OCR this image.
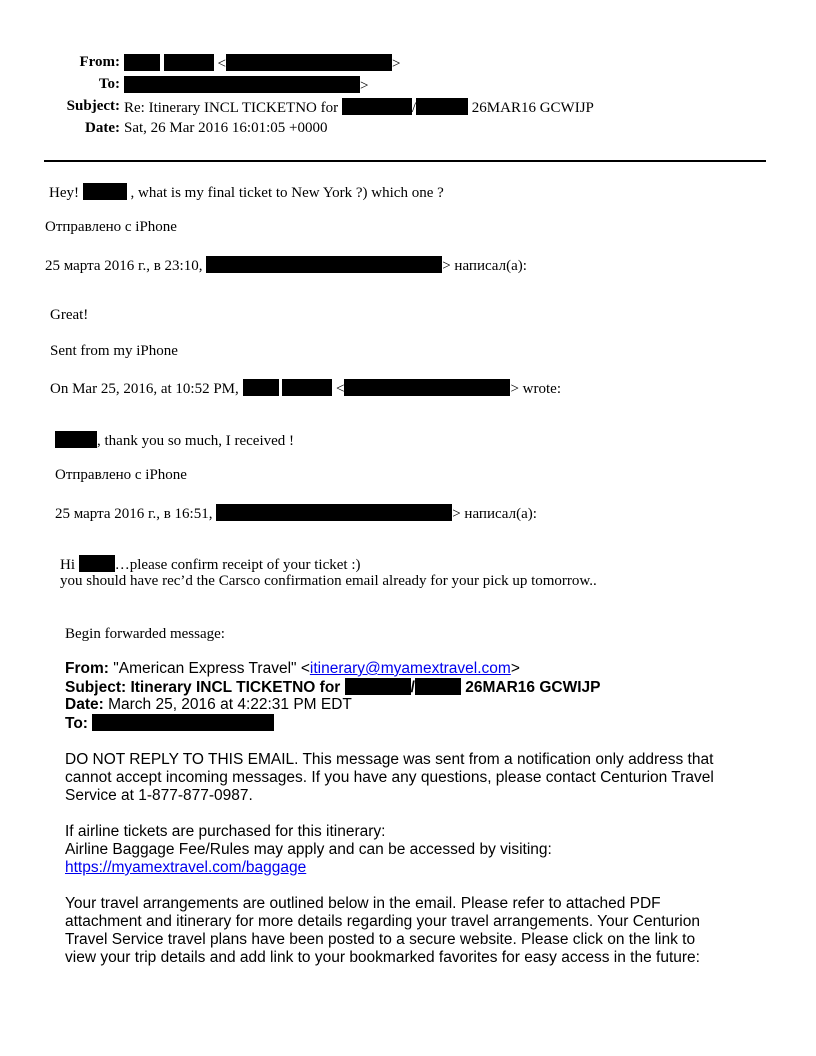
From:	<	>
To:	>
Subject: Re: Itinerary INCL TICKETNO for	/	26MAR16 GCWIJP
Date: Sat, 26 Mar 2016 16:01:05 +0000
Hey!	, what is my final ticket to New York ?) which one ?
Отправлено с iPhone
25 марта 2016 г., в 23:10,	> написал(а):
Great!
Sent from my iPhone
On Mar 25, 2016, at 10:52 PM,	<	> wrote:
, thank you so much, I received !
Отправлено с iPhone
25 марта 2016 г., в 16:51,	> написал(а):
Hi	…please confirm receipt of your ticket :)
you should have rec’d the Carsco confirmation email already for your pick up tomorrow..
Begin forwarded message:
From: "American Express Travel" <itinerary@myamextravel.com>
Subject: Itinerary INCL TICKETNO for	/	26MAR16 GCWIJP
Date: March 25, 2016 at 4:22:31 PM EDT
To:
DO NOT REPLY TO THIS EMAIL. This message was sent from a notification only address that
cannot accept incoming messages. If you have any questions, please contact Centurion Travel
Service at 1-877-877-0987.
If airline tickets are purchased for this itinerary:
Airline Baggage Fee/Rules may apply and can be accessed by visiting:
https://myamextravel.com/baggage
Your travel arrangements are outlined below in the email. Please refer to attached PDF
attachment and itinerary for more details regarding your travel arrangements. Your Centurion
Travel Service travel plans have been posted to a secure website. Please click on the link to
view your trip details and add link to your bookmarked favorites for easy access in the future:
